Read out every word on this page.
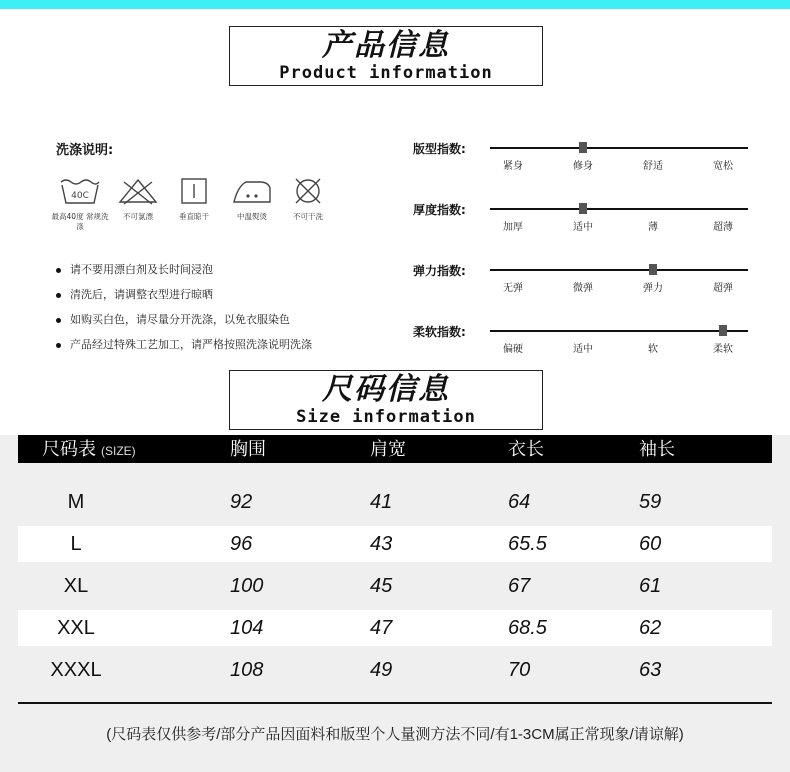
产品信息
Product information
洗涤说明:
40C
最高40度 常规洗涤
不可氯漂	垂直晾干	中温熨烫	不可干洗
请不要用漂白剂及长时间浸泡
清洗后，请调整衣型进行晾晒
如购买白色，请尽量分开洗涤，以免衣服染色
产品经过特殊工艺加工，请严格按照洗涤说明洗涤
版型指数:
紧身	修身	舒适	宽松
厚度指数:
加厚	适中	薄	超薄
弹力指数:
无弹	微弹	弹力	超弹
柔软指数:
偏硬	适中	软	柔软
尺码信息
Size information
尺码表 (SIZE)	胸围	肩宽	衣长	袖长
M	92	41	64	59
L	96	43	65.5	60
XL	100	45	67	61
XXL	104	47	68.5	62
XXXL	108	49	70	63
(尺码表仅供参考/部分产品因面料和版型个人量测方法不同/有1-3CM属正常现象/请谅解)
